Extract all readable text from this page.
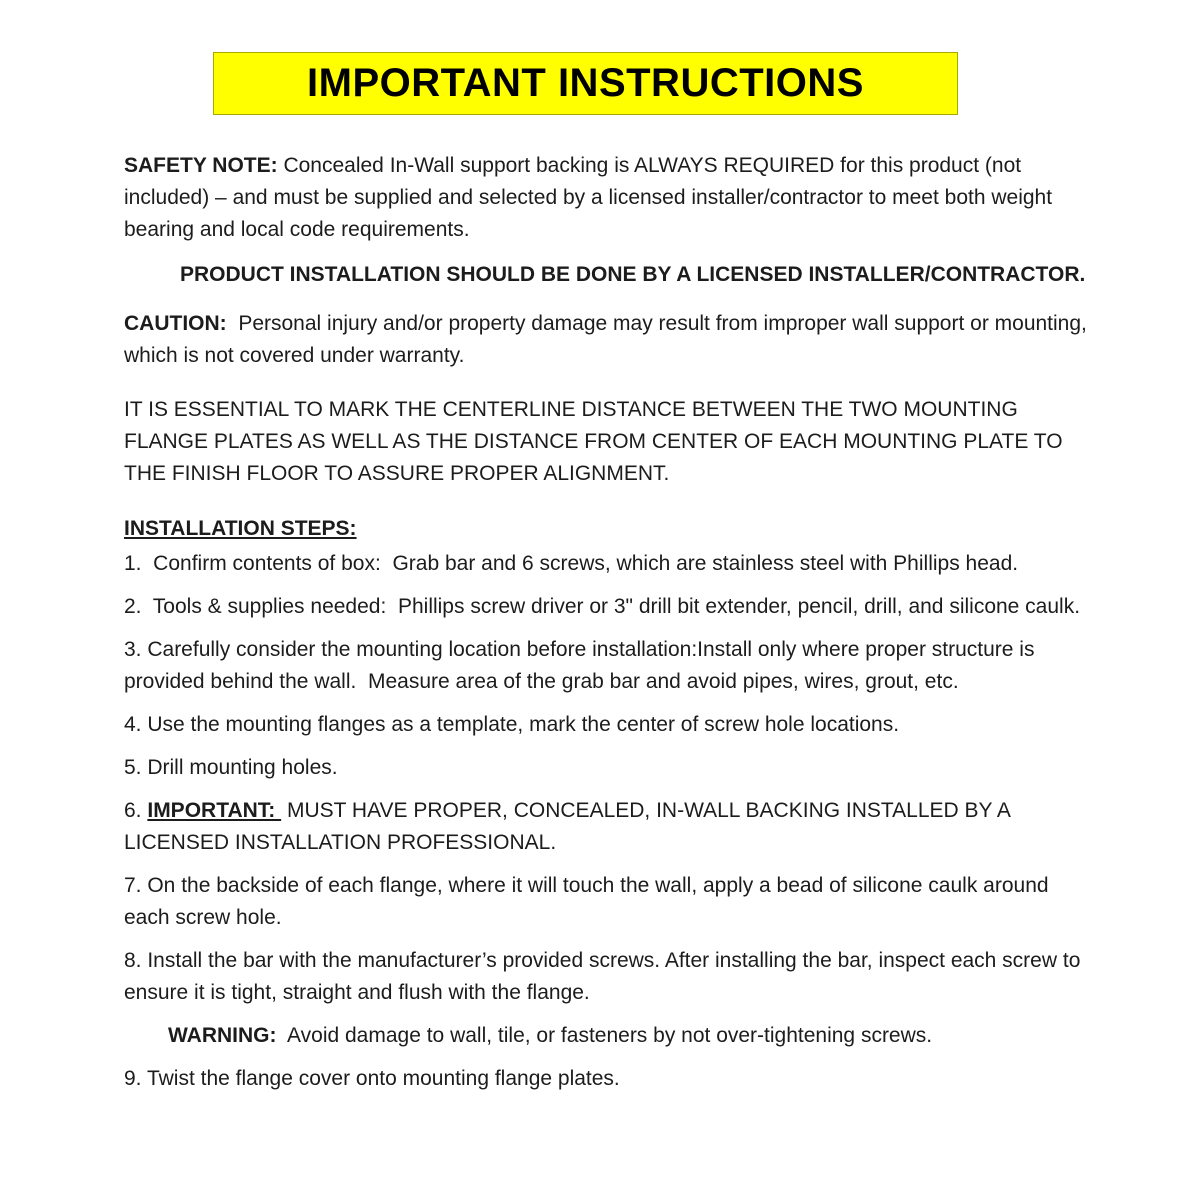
IMPORTANT INSTRUCTIONS

SAFETY NOTE: Concealed In-Wall support backing is ALWAYS REQUIRED for this product (not included) – and must be supplied and selected by a licensed installer/contractor to meet both weight bearing and local code requirements.

PRODUCT INSTALLATION SHOULD BE DONE BY A LICENSED INSTALLER/CONTRACTOR.

CAUTION:  Personal injury and/or property damage may result from improper wall support or mounting, which is not covered under warranty.

IT IS ESSENTIAL TO MARK THE CENTERLINE DISTANCE BETWEEN THE TWO MOUNTING FLANGE PLATES AS WELL AS THE DISTANCE FROM CENTER OF EACH MOUNTING PLATE TO THE FINISH FLOOR TO ASSURE PROPER ALIGNMENT.

INSTALLATION STEPS:

1.  Confirm contents of box:  Grab bar and 6 screws, which are stainless steel with Phillips head.

2.  Tools & supplies needed:  Phillips screw driver or 3" drill bit extender, pencil, drill, and silicone caulk.

3. Carefully consider the mounting location before installation:Install only where proper structure is provided behind the wall.  Measure area of the grab bar and avoid pipes, wires, grout, etc.

4. Use the mounting flanges as a template, mark the center of screw hole locations.

5. Drill mounting holes.

6. IMPORTANT:  MUST HAVE PROPER, CONCEALED, IN-WALL BACKING INSTALLED BY A LICENSED INSTALLATION PROFESSIONAL.

7. On the backside of each flange, where it will touch the wall, apply a bead of silicone caulk around each screw hole.

8. Install the bar with the manufacturer’s provided screws. After installing the bar, inspect each screw to ensure it is tight, straight and flush with the flange.

WARNING:  Avoid damage to wall, tile, or fasteners by not over-tightening screws.

9. Twist the flange cover onto mounting flange plates.
